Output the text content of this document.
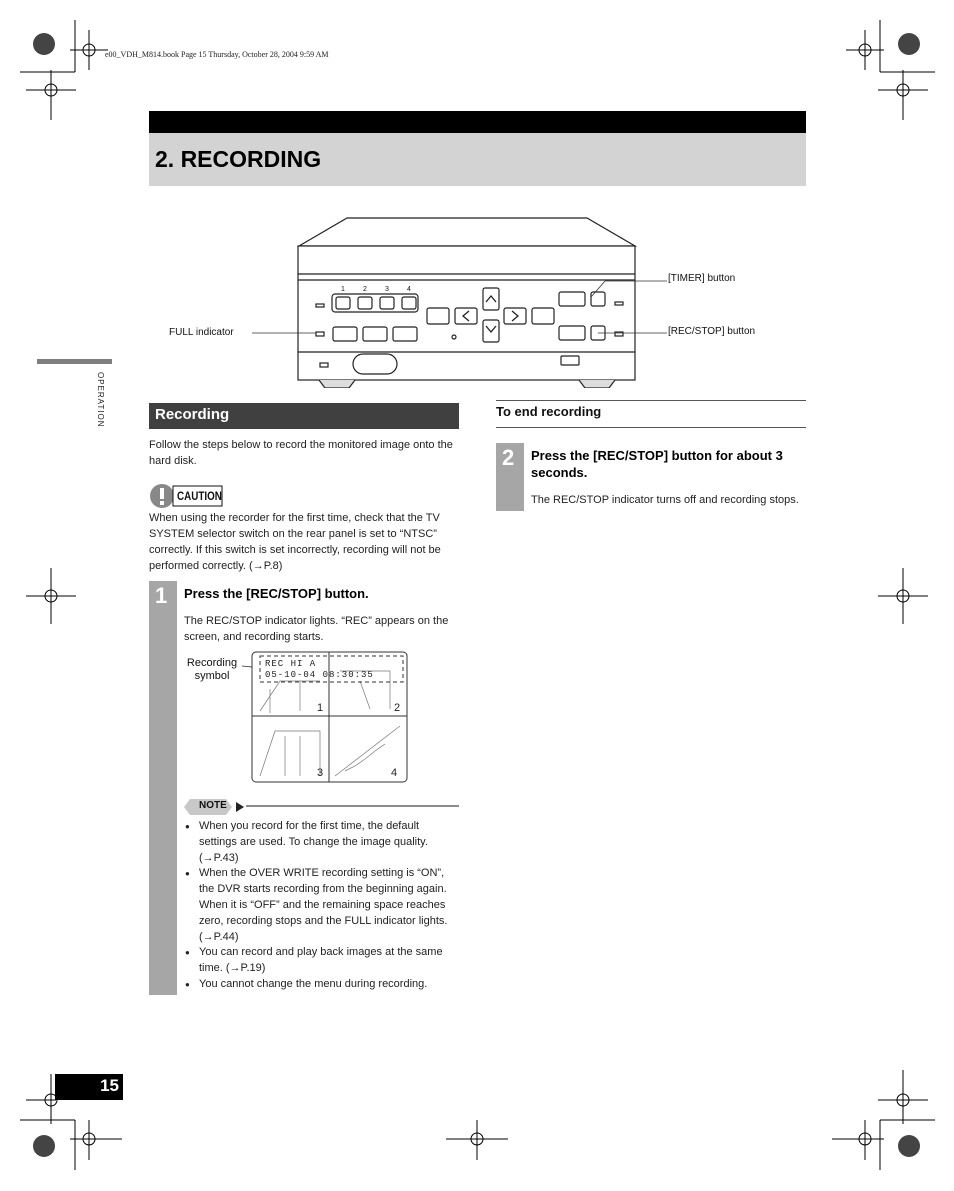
e00_VDH_M814.book Page 15 Thursday, October 28, 2004 9:59 AM
2. RECORDING
OPERATION
1	2	3	4
[TIMER] button
[REC/STOP] button
FULL indicator
Recording
Follow the steps below to record the monitored image onto the hard disk.
CAUTION
When using the recorder for the first time, check that the TV SYSTEM selector switch on the rear panel is set to “NTSC” correctly. If this switch is set incorrectly, recording will not be performed correctly. (→P.8)
1 Press the [REC/STOP] button.
The REC/STOP indicator lights. “REC” appears on the screen, and recording starts.
Recording symbol
REC HI A
05-10-04 08:30:35
1	2
3	4
NOTE
● When you record for the first time, the default settings are used. To change the image quality. (→P.43)
● When the OVER WRITE recording setting is “ON”, the DVR starts recording from the beginning again. When it is “OFF” and the remaining space reaches zero, recording stops and the FULL indicator lights. (→P.44)
● You can record and play back images at the same time. (→P.19)
● You cannot change the menu during recording.
To end recording
2 Press the [REC/STOP] button for about 3 seconds.
The REC/STOP indicator turns off and recording stops.
15
